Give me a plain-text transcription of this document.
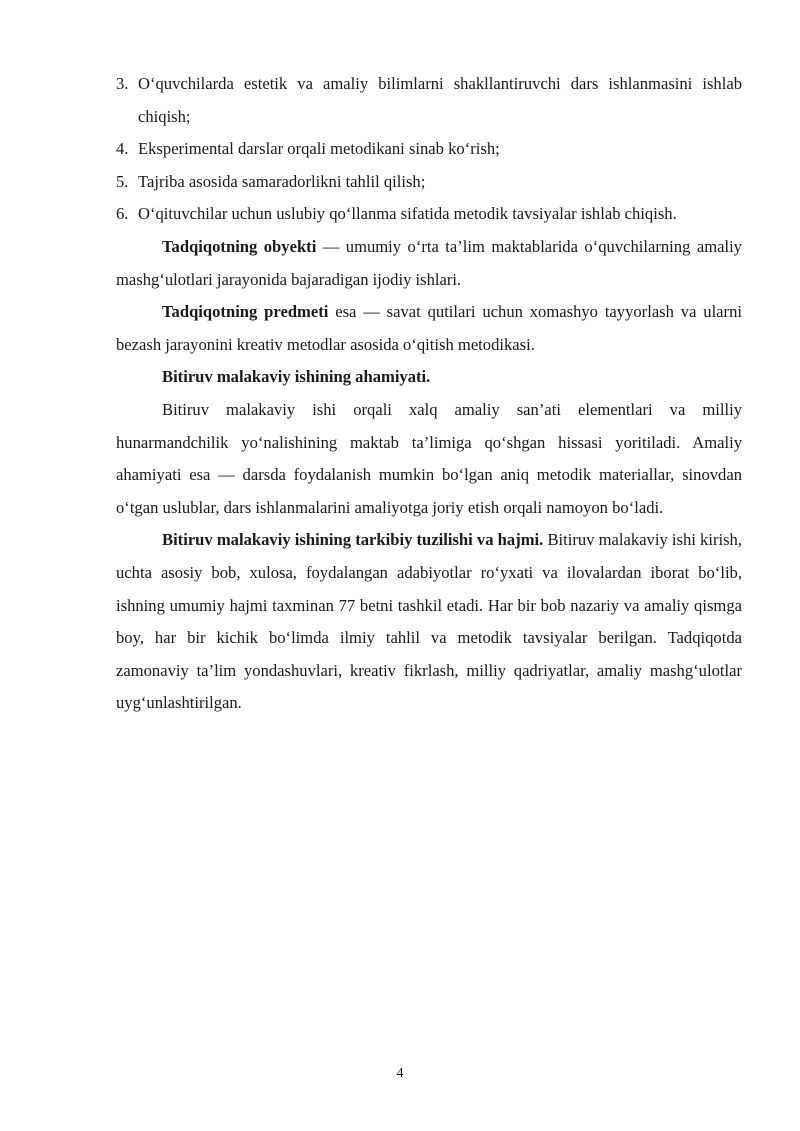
3. O‘quvchilarda estetik va amaliy bilimlarni shakllantiruvchi dars ishlanmasini ishlab chiqish;
4. Eksperimental darslar orqali metodikani sinab ko‘rish;
5. Tajriba asosida samaradorlikni tahlil qilish;
6. O‘qituvchilar uchun uslubiy qo‘llanma sifatida metodik tavsiyalar ishlab chiqish.

Tadqiqotning obyekti — umumiy o‘rta ta’lim maktablarida o‘quvchilarning amaliy mashg‘ulotlari jarayonida bajaradigan ijodiy ishlari.

Tadqiqotning predmeti esa — savat qutilari uchun xomashyo tayyorlash va ularni bezash jarayonini kreativ metodlar asosida o‘qitish metodikasi.

Bitiruv malakaviy ishining ahamiyati.

Bitiruv malakaviy ishi orqali xalq amaliy san’ati elementlari va milliy hunarmandchilik yo‘nalishining maktab ta’limiga qo‘shgan hissasi yoritiladi. Amaliy ahamiyati esa — darsda foydalanish mumkin bo‘lgan aniq metodik materiallar, sinovdan o‘tgan uslublar, dars ishlanmalarini amaliyotga joriy etish orqali namoyon bo‘ladi.

Bitiruv malakaviy ishining tarkibiy tuzilishi va hajmi. Bitiruv malakaviy ishi kirish, uchta asosiy bob, xulosa, foydalangan adabiyotlar ro‘yxati va ilovalardan iborat bo‘lib, ishning umumiy hajmi taxminan 77 betni tashkil etadi. Har bir bob nazariy va amaliy qismga boy, har bir kichik bo‘limda ilmiy tahlil va metodik tavsiyalar berilgan. Tadqiqotda zamonaviy ta’lim yondashuvlari, kreativ fikrlash, milliy qadriyatlar, amaliy mashg‘ulotlar uyg‘unlashtirilgan.

4
